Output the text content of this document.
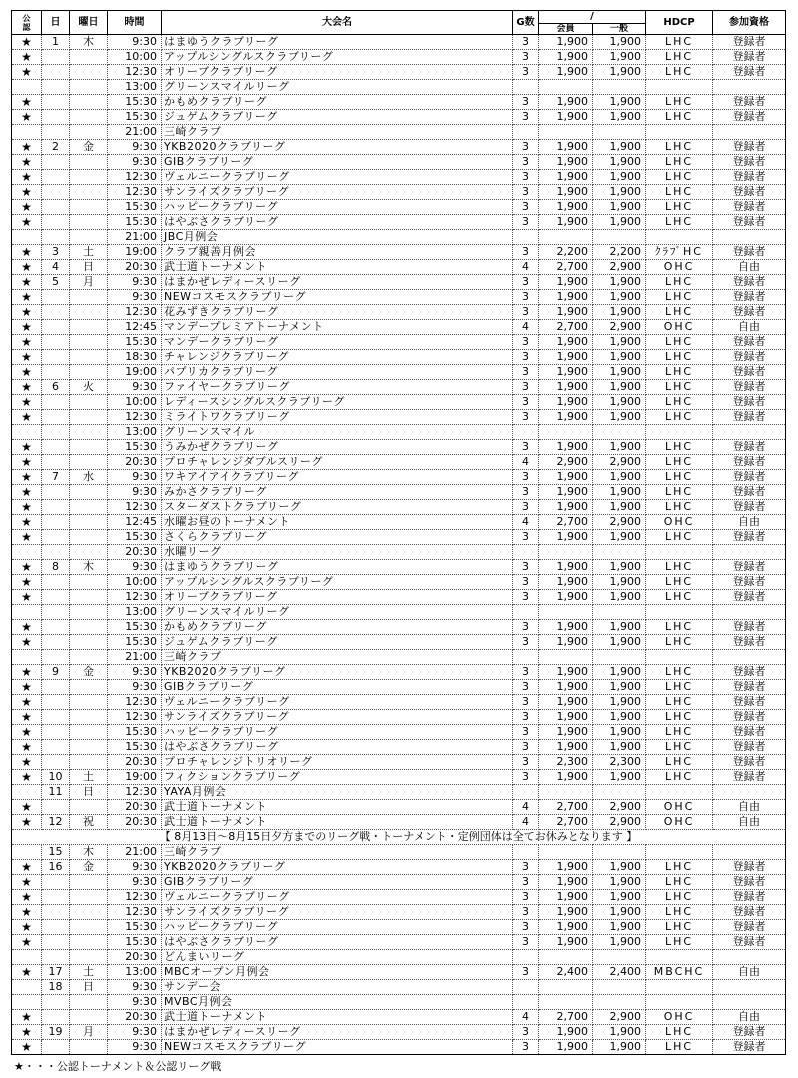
公
認	日	曜日	時間	大会名	G数	/		HDCP	参加資格
						会員	一般		
★	1	木	9:30	はまゆうクラブリーグ	3	1,900	1,900	LHC	登録者
★			10:00	アップルシングルスクラブリーグ	3	1,900	1,900	LHC	登録者
★			12:30	オリーブクラブリーグ	3	1,900	1,900	LHC	登録者
			13:00	グリーンスマイルリーグ					
★			15:30	かもめクラブリーグ	3	1,900	1,900	LHC	登録者
★			15:30	ジュゲムクラブリーグ	3	1,900	1,900	LHC	登録者
			21:00	三崎クラブ					
★	2	金	9:30	YKB2020クラブリーグ	3	1,900	1,900	LHC	登録者
★			9:30	GIBクラブリーグ	3	1,900	1,900	LHC	登録者
★			12:30	ヴェルニークラブリーグ	3	1,900	1,900	LHC	登録者
★			12:30	サンライズクラブリーグ	3	1,900	1,900	LHC	登録者
★			15:30	ハッピークラブリーグ	3	1,900	1,900	LHC	登録者
★			15:30	はやぶさクラブリーグ	3	1,900	1,900	LHC	登録者
			21:00	JBC月例会					
★	3	土	19:00	クラブ親善月例会	3	2,200	2,200	ｸﾗﾌﾞHC	登録者
★	4	日	20:30	武士道トーナメント	4	2,700	2,900	OHC	自由
★	5	月	9:30	はまかぜレディースリーグ	3	1,900	1,900	LHC	登録者
★			9:30	NEWコスモスクラブリーグ	3	1,900	1,900	LHC	登録者
★			12:30	花みずきクラブリーグ	3	1,900	1,900	LHC	登録者
★			12:45	マンデープレミアトーナメント	4	2,700	2,900	OHC	自由
★			15:30	マンデークラブリーグ	3	1,900	1,900	LHC	登録者
★			18:30	チャレンジクラブリーグ	3	1,900	1,900	LHC	登録者
★			19:00	パプリカクラブリーグ	3	1,900	1,900	LHC	登録者
★	6	火	9:30	ファイヤークラブリーグ	3	1,900	1,900	LHC	登録者
★			10:00	レディースシングルスクラブリーグ	3	1,900	1,900	LHC	登録者
★			12:30	ミライトワクラブリーグ	3	1,900	1,900	LHC	登録者
			13:00	グリーンスマイル					
★			15:30	うみかぜクラブリーグ	3	1,900	1,900	LHC	登録者
★			20:30	プロチャレンジダブルスリーグ	4	2,900	2,900	LHC	登録者
★	7	水	9:30	ワキアイアイクラブリーグ	3	1,900	1,900	LHC	登録者
★			9:30	みかさクラブリーグ	3	1,900	1,900	LHC	登録者
★			12:30	スターダストクラブリーグ	3	1,900	1,900	LHC	登録者
★			12:45	水曜お昼のトーナメント	4	2,700	2,900	OHC	自由
★			15:30	さくらクラブリーグ	3	1,900	1,900	LHC	登録者
			20:30	水曜リーグ					
★	8	木	9:30	はまゆうクラブリーグ	3	1,900	1,900	LHC	登録者
★			10:00	アップルシングルスクラブリーグ	3	1,900	1,900	LHC	登録者
★			12:30	オリーブクラブリーグ	3	1,900	1,900	LHC	登録者
			13:00	グリーンスマイルリーグ					
★			15:30	かもめクラブリーグ	3	1,900	1,900	LHC	登録者
★			15:30	ジュゲムクラブリーグ	3	1,900	1,900	LHC	登録者
			21:00	三崎クラブ					
★	9	金	9:30	YKB2020クラブリーグ	3	1,900	1,900	LHC	登録者
★			9:30	GIBクラブリーグ	3	1,900	1,900	LHC	登録者
★			12:30	ヴェルニークラブリーグ	3	1,900	1,900	LHC	登録者
★			12:30	サンライズクラブリーグ	3	1,900	1,900	LHC	登録者
★			15:30	ハッピークラブリーグ	3	1,900	1,900	LHC	登録者
★			15:30	はやぶさクラブリーグ	3	1,900	1,900	LHC	登録者
★			20:30	プロチャレンジトリオリーグ	3	2,300	2,300	LHC	登録者
★	10	土	19:00	フィクションクラブリーグ	3	1,900	1,900	LHC	登録者
	11	日	12:30	YAYA月例会					
★			20:30	武士道トーナメント	4	2,700	2,900	OHC	自由
★	12	祝	20:30	武士道トーナメント	4	2,700	2,900	OHC	自由
【 8月13日～8月15日夕方までのリーグ戦・トーナメント・定例団体は全てお休みとなります 】									
	15	木	21:00	三崎クラブ					
★	16	金	9:30	YKB2020クラブリーグ	3	1,900	1,900	LHC	登録者
★			9:30	GIBクラブリーグ	3	1,900	1,900	LHC	登録者
★			12:30	ヴェルニークラブリーグ	3	1,900	1,900	LHC	登録者
★			12:30	サンライズクラブリーグ	3	1,900	1,900	LHC	登録者
★			15:30	ハッピークラブリーグ	3	1,900	1,900	LHC	登録者
★			15:30	はやぶさクラブリーグ	3	1,900	1,900	LHC	登録者
			20:30	どんまいリーグ					
★	17	土	13:00	MBCオープン月例会	3	2,400	2,400	MBCHC	自由
	18	日	9:30	サンデー会					
			9:30	MVBC月例会					
★			20:30	武士道トーナメント	4	2,700	2,900	OHC	自由
★	19	月	9:30	はまかぜレディースリーグ	3	1,900	1,900	LHC	登録者
★			9:30	NEWコスモスクラブリーグ	3	1,900	1,900	LHC	登録者
★・・・公認トーナメント＆公認リーグ戦
